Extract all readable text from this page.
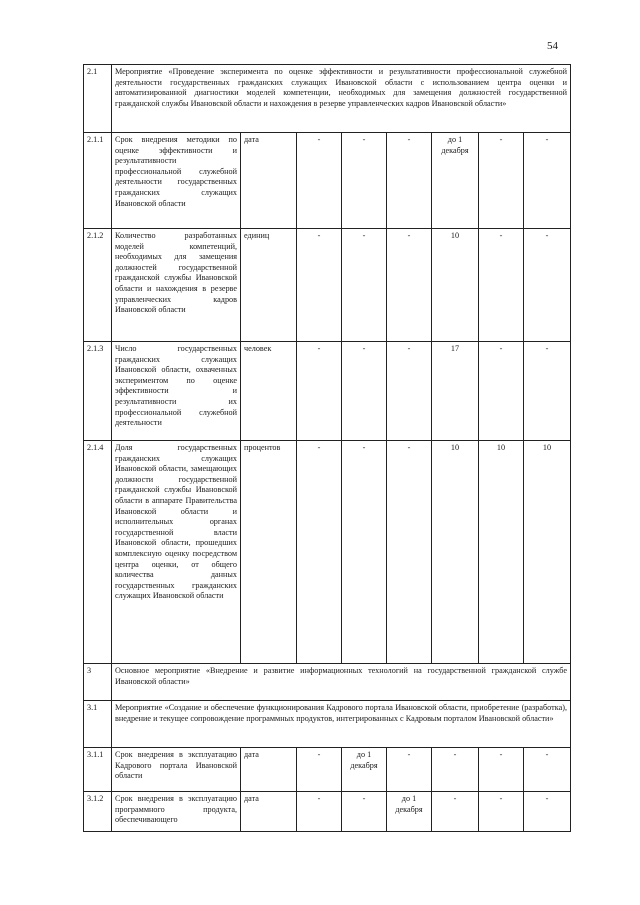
54
2.1	Мероприятие «Проведение эксперимента по оценке эффективности и результативности профессиональной служебной деятельности государственных гражданских служащих Ивановской области с использованием центра оценки и автоматизированной диагностики моделей компетенции, необходимых для замещения должностей государственной гражданской службы Ивановской области и нахождения в резерве управленческих кадров Ивановской области»							
2.1.1	Срок внедрения методики по оценке эффективности и результативности профессиональной служебной деятельности государственных гражданских служащих Ивановской области	дата	-	-	-	до 1 декабря	-	-
2.1.2	Количество разработанных моделей компетенций, необходимых для замещения должностей государственной гражданской службы Ивановской области и нахождения в резерве управленческих кадров Ивановской области	единиц	-	-	-	10	-	-
2.1.3	Число государственных гражданских служащих Ивановской области, охваченных экспериментом по оценке эффективности и результативности их профессиональной служебной деятельности	человек	-	-	-	17	-	-
2.1.4	Доля государственных гражданских служащих Ивановской области, замещающих должности государственной гражданской службы Ивановской области в аппарате Правительства Ивановской области и исполнительных органах государственной власти Ивановской области, прошедших комплексную оценку посредством центра оценки, от общего количества данных государственных гражданских служащих Ивановской области	процентов	-	-	-	10	10	10
3	Основное мероприятие «Внедрение и развитие информационных технологий на государственной гражданской службе Ивановской области»							
3.1	Мероприятие «Создание и обеспечение функционирования Кадрового портала Ивановской области, приобретение (разработка), внедрение и текущее сопровождение программных продуктов, интегрированных с Кадровым порталом Ивановской области»							
3.1.1	Срок внедрения в эксплуатацию Кадрового портала Ивановской области	дата	-	до 1 декабря	-	-	-	-
3.1.2	Срок внедрения в эксплуатацию программного продукта, обеспечивающего	дата	-	-	до 1 декабря	-	-	-
